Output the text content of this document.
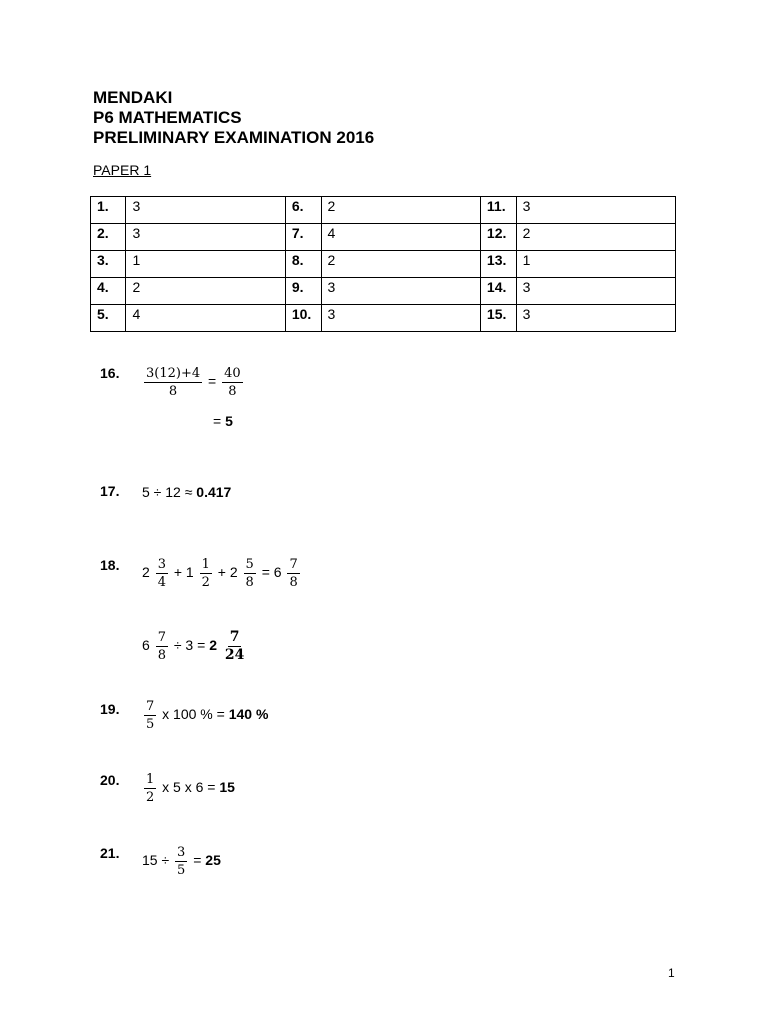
MENDAKI
P6 MATHEMATICS
PRELIMINARY EXAMINATION 2016
PAPER 1
1.	3	6.	2	11.	3
2.	3	7.	4	12.	2
3.	1	8.	2	13.	1
4.	2	9.	3	14.	3
5.	4	10.	3	15.	3
16. $\frac{3(12)+4}{8} = \frac{40}{8}$
= 5
17. 5 ÷ 12 ≈ 0.417
18. $2 \frac{3}{4} + 1 \frac{1}{2} + 2 \frac{5}{8} = 6 \frac{7}{8}$
$6 \frac{7}{8} \div 3 = 2 \frac{7}{24}$
19. $\frac{7}{5}$ x 100 % = 140 %
20. $\frac{1}{2}$ x 5 x 6 = 15
21. $15 \div \frac{3}{5} = 25$
1
